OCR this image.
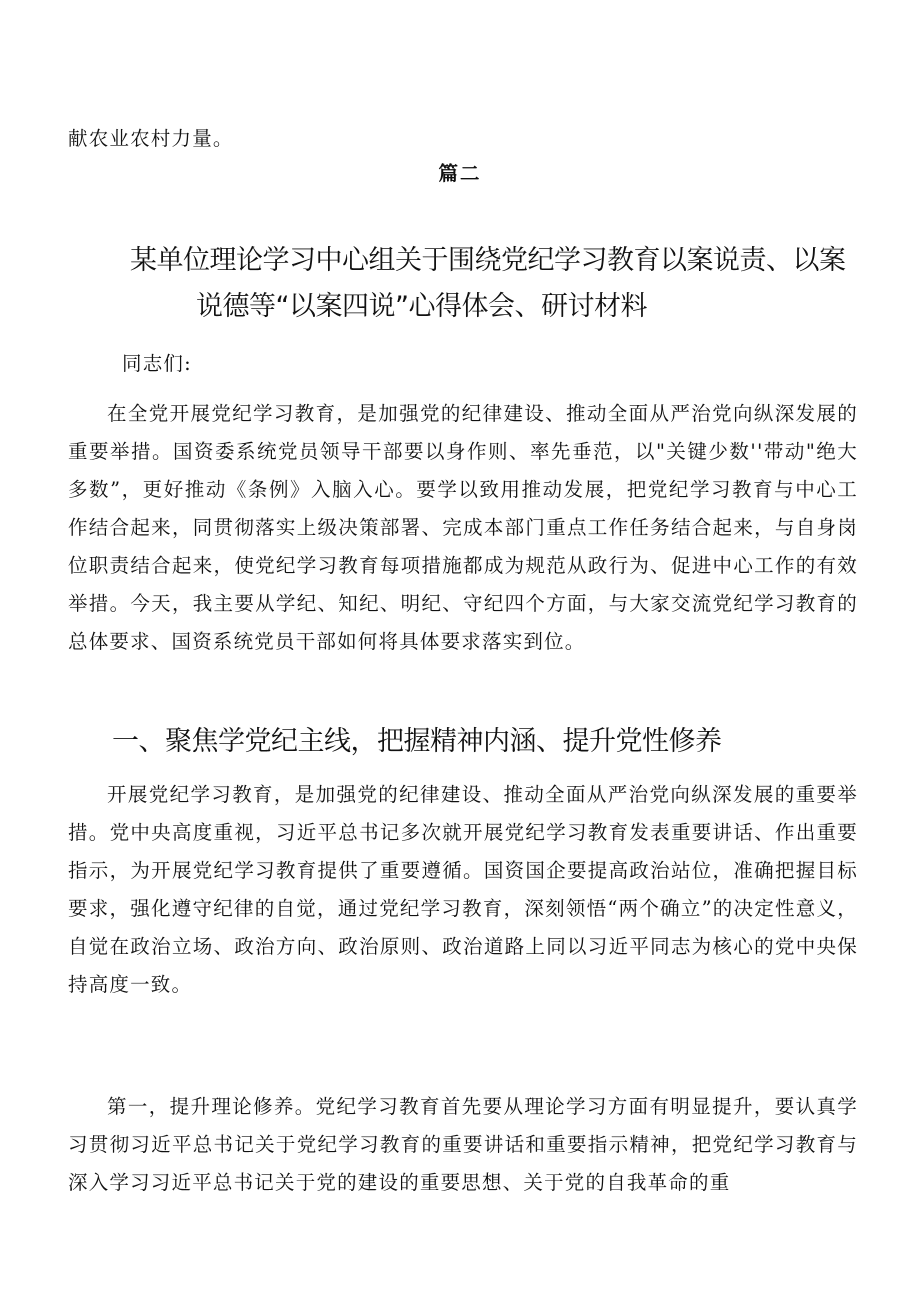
献农业农村力量。

篇二

某单位理论学习中心组关于围绕党纪学习教育以案说责、以案
说德等“以案四说”心得体会、研讨材料

同志们:

在全党开展党纪学习教育，是加强党的纪律建设、推动全面从严治党向纵深发展的重要举措。国资委系统党员领导干部要以身作则、率先垂范，以"关键少数''带动"绝大多数”，更好推动《条例》入脑入心。要学以致用推动发展，把党纪学习教育与中心工作结合起来，同贯彻落实上级决策部署、完成本部门重点工作任务结合起来，与自身岗位职责结合起来，使党纪学习教育每项措施都成为规范从政行为、促进中心工作的有效举措。今天，我主要从学纪、知纪、明纪、守纪四个方面，与大家交流党纪学习教育的总体要求、国资系统党员干部如何将具体要求落实到位。

一、聚焦学党纪主线，把握精神内涵、提升党性修养

开展党纪学习教育，是加强党的纪律建设、推动全面从严治党向纵深发展的重要举措。党中央高度重视，习近平总书记多次就开展党纪学习教育发表重要讲话、作出重要指示，为开展党纪学习教育提供了重要遵循。国资国企要提高政治站位，准确把握目标要求，强化遵守纪律的自觉，通过党纪学习教育，深刻领悟“两个确立”的决定性意义，自觉在政治立场、政治方向、政治原则、政治道路上同以习近平同志为核心的党中央保持高度一致。

第一，提升理论修养。党纪学习教育首先要从理论学习方面有明显提升，要认真学习贯彻习近平总书记关于党纪学习教育的重要讲话和重要指示精神，把党纪学习教育与深入学习习近平总书记关于党的建设的重要思想、关于党的自我革命的重
